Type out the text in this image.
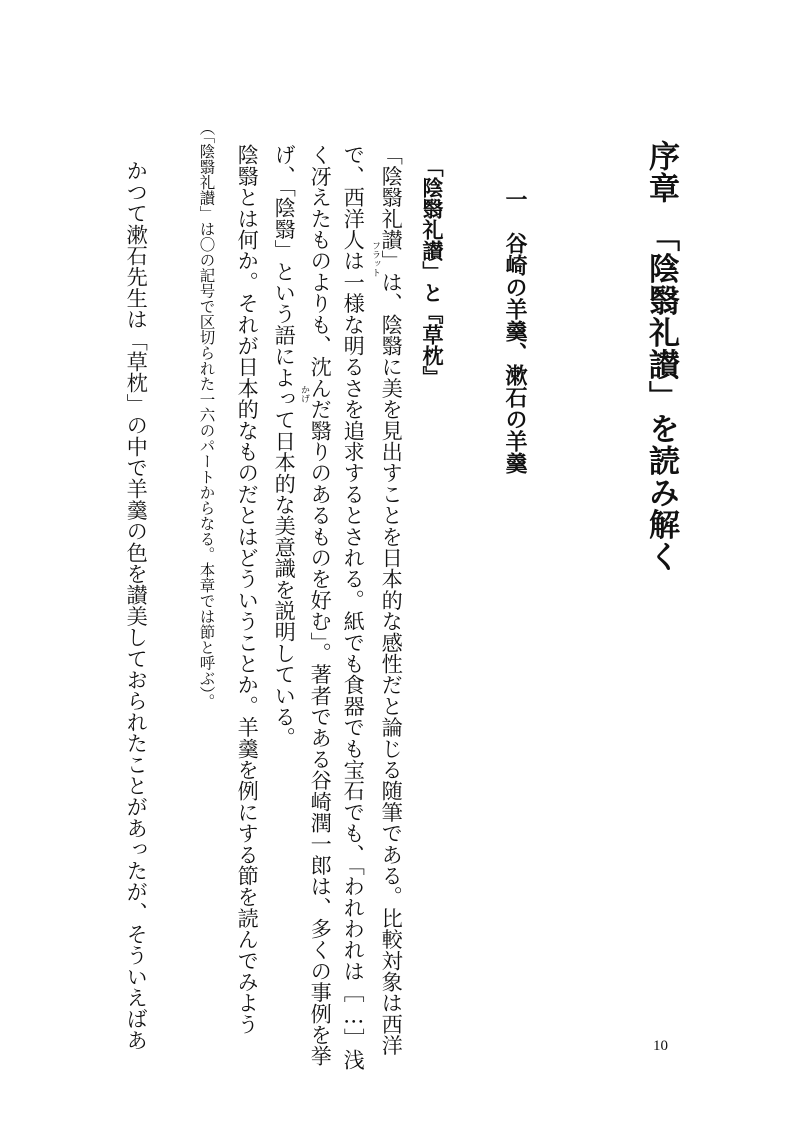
序章　「陰翳礼讃」を読み解く
一　谷崎の羊羹、漱石の羊羹
「陰翳礼讃」と『草枕』
「陰翳礼讃」は、陰翳に美を見出すことを日本的な感性だと論じる随筆である。比較対象は西洋
で、西洋人は一様な明るさを追求するとされる。紙でも食器でも宝石でも、「われわれは［…］浅
く冴えたものよりも、沈んだ翳りのあるものを好む」。著者である谷崎潤一郎は、多くの事例を挙
げ、「陰翳」という語によって日本的な美意識を説明している。
陰翳とは何か。それが日本的なものだとはどういうことか。羊羹を例にする節を読んでみよう
（「陰翳礼讃」は〇の記号で区切られた一六のパートからなる。本章では節と呼ぶ）。
かつて漱石先生は「草枕」の中で羊羹の色を讃美しておられたことがあったが、そういえばあ	フラット
かげ
10
